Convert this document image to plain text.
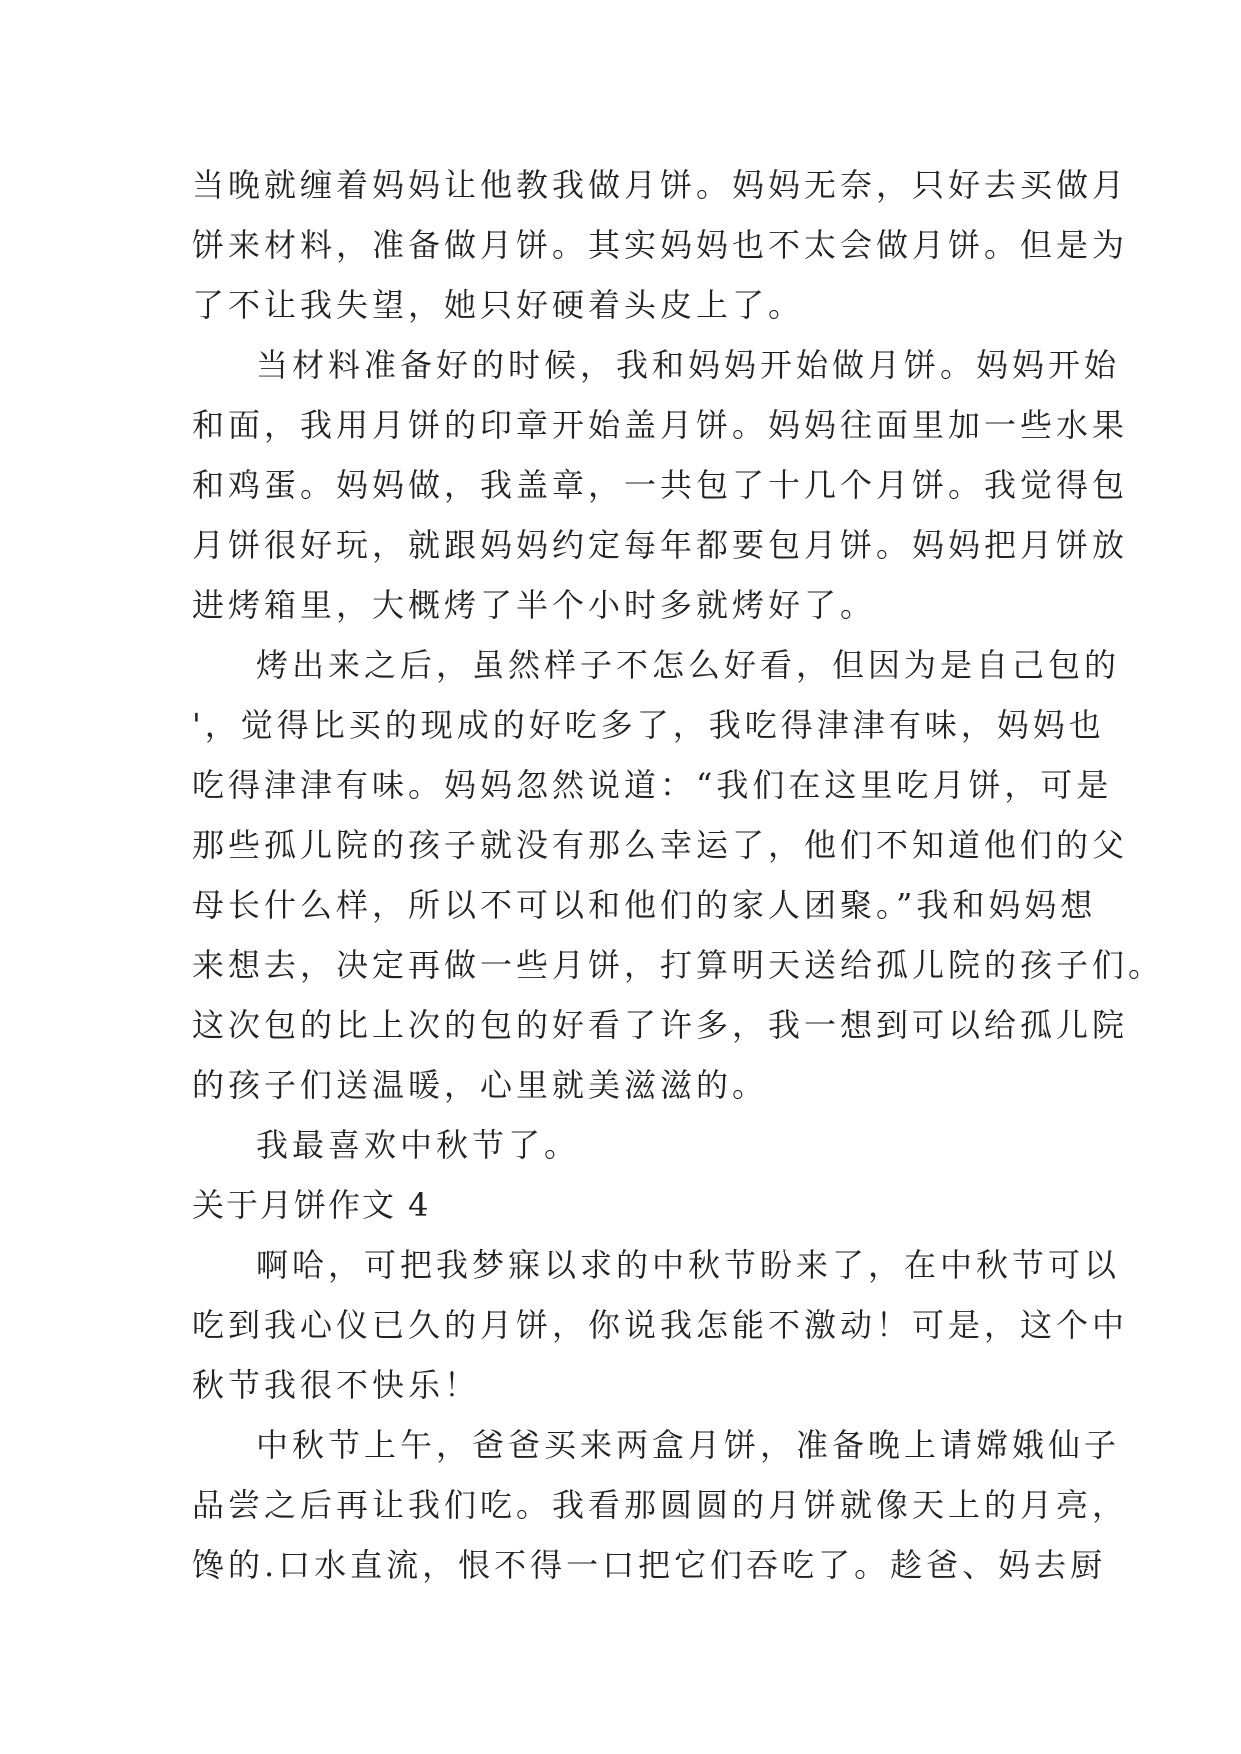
当晚就缠着妈妈让他教我做月饼。妈妈无奈，只好去买做月
饼来材料，准备做月饼。其实妈妈也不太会做月饼。但是为
了不让我失望，她只好硬着头皮上了。
当材料准备好的时候，我和妈妈开始做月饼。妈妈开始
和面，我用月饼的印章开始盖月饼。妈妈往面里加一些水果
和鸡蛋。妈妈做，我盖章，一共包了十几个月饼。我觉得包
月饼很好玩，就跟妈妈约定每年都要包月饼。妈妈把月饼放
进烤箱里，大概烤了半个小时多就烤好了。
烤出来之后，虽然样子不怎么好看，但因为是自己包的
'，觉得比买的现成的好吃多了，我吃得津津有味，妈妈也
吃得津津有味。妈妈忽然说道：“我们在这里吃月饼，可是
那些孤儿院的孩子就没有那么幸运了，他们不知道他们的父
母长什么样，所以不可以和他们的家人团聚。”我和妈妈想
来想去，决定再做一些月饼，打算明天送给孤儿院的孩子们。
这次包的比上次的包的好看了许多，我一想到可以给孤儿院
的孩子们送温暖，心里就美滋滋的。
我最喜欢中秋节了。
关于月饼作文 4
啊哈，可把我梦寐以求的中秋节盼来了，在中秋节可以
吃到我心仪已久的月饼，你说我怎能不激动！可是，这个中
秋节我很不快乐！
中秋节上午，爸爸买来两盒月饼，准备晚上请嫦娥仙子
品尝之后再让我们吃。我看那圆圆的月饼就像天上的月亮，
馋的.口水直流，恨不得一口把它们吞吃了。趁爸、妈去厨
